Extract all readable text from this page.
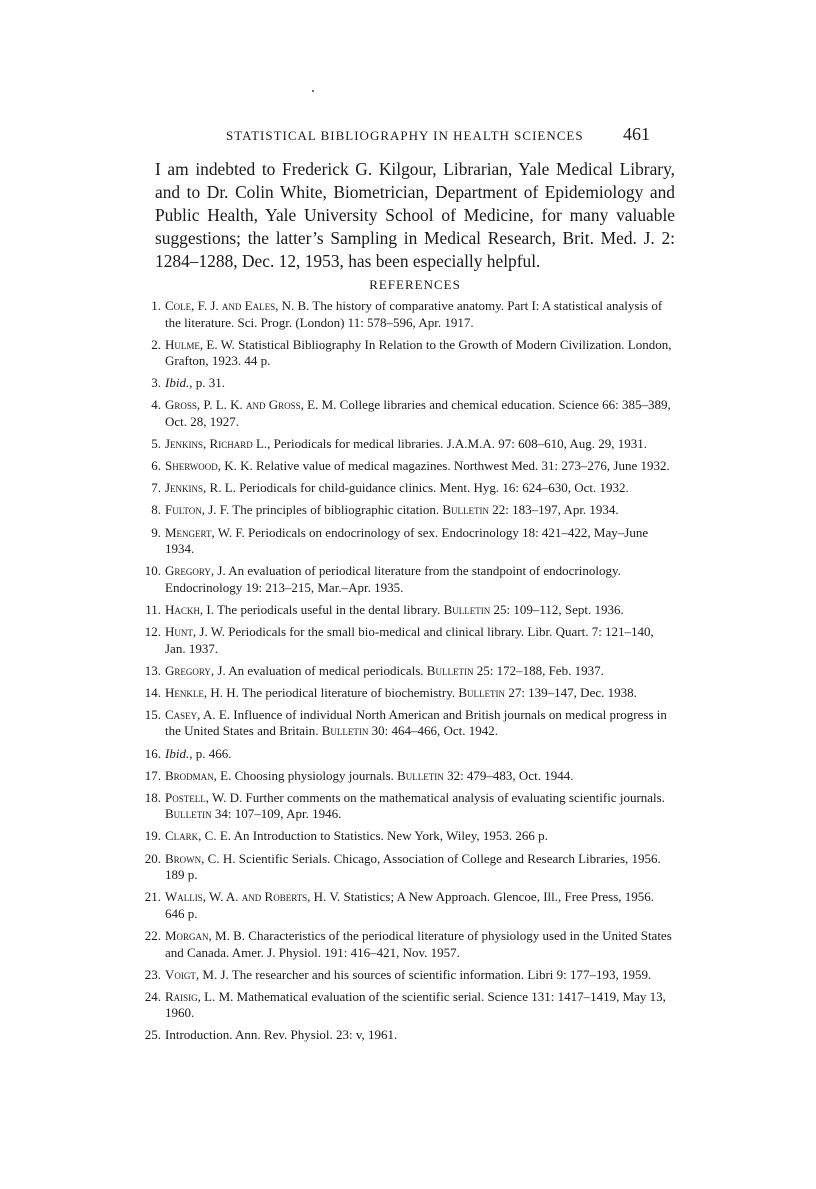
STATISTICAL BIBLIOGRAPHY IN HEALTH SCIENCES 461

I am indebted to Frederick G. Kilgour, Librarian, Yale Medical Library, and to Dr. Colin White, Biometrician, Department of Epidemiology and Public Health, Yale University School of Medicine, for many valuable suggestions; the latter’s Sampling in Medical Research, Brit. Med. J. 2: 1284–1288, Dec. 12, 1953, has been especially helpful.

REFERENCES
1. Cole, F. J. and Eales, N. B. The history of comparative anatomy. Part I: A statistical analysis of the literature. Sci. Progr. (London) 11: 578–596, Apr. 1917.
2. Hulme, E. W. Statistical Bibliography In Relation to the Growth of Modern Civilization. London, Grafton, 1923. 44 p.
3. Ibid., p. 31.
4. Gross, P. L. K. and Gross, E. M. College libraries and chemical education. Science 66: 385–389, Oct. 28, 1927.
5. Jenkins, Richard L., Periodicals for medical libraries. J.A.M.A. 97: 608–610, Aug. 29, 1931.
6. Sherwood, K. K. Relative value of medical magazines. Northwest Med. 31: 273–276, June 1932.
7. Jenkins, R. L. Periodicals for child-guidance clinics. Ment. Hyg. 16: 624–630, Oct. 1932.
8. Fulton, J. F. The principles of bibliographic citation. Bulletin 22: 183–197, Apr. 1934.
9. Mengert, W. F. Periodicals on endocrinology of sex. Endocrinology 18: 421–422, May–June 1934.
10. Gregory, J. An evaluation of periodical literature from the standpoint of endocrinology. Endocrinology 19: 213–215, Mar.–Apr. 1935.
11. Hackh, I. The periodicals useful in the dental library. Bulletin 25: 109–112, Sept. 1936.
12. Hunt, J. W. Periodicals for the small bio-medical and clinical library. Libr. Quart. 7: 121–140, Jan. 1937.
13. Gregory, J. An evaluation of medical periodicals. Bulletin 25: 172–188, Feb. 1937.
14. Henkle, H. H. The periodical literature of biochemistry. Bulletin 27: 139–147, Dec. 1938.
15. Casey, A. E. Influence of individual North American and British journals on medical progress in the United States and Britain. Bulletin 30: 464–466, Oct. 1942.
16. Ibid., p. 466.
17. Brodman, E. Choosing physiology journals. Bulletin 32: 479–483, Oct. 1944.
18. Postell, W. D. Further comments on the mathematical analysis of evaluating scientific journals. Bulletin 34: 107–109, Apr. 1946.
19. Clark, C. E. An Introduction to Statistics. New York, Wiley, 1953. 266 p.
20. Brown, C. H. Scientific Serials. Chicago, Association of College and Research Libraries, 1956. 189 p.
21. Wallis, W. A. and Roberts, H. V. Statistics; A New Approach. Glencoe, Ill., Free Press, 1956. 646 p.
22. Morgan, M. B. Characteristics of the periodical literature of physiology used in the United States and Canada. Amer. J. Physiol. 191: 416–421, Nov. 1957.
23. Voigt, M. J. The researcher and his sources of scientific information. Libri 9: 177–193, 1959.
24. Raisig, L. M. Mathematical evaluation of the scientific serial. Science 131: 1417–1419, May 13, 1960.
25. Introduction. Ann. Rev. Physiol. 23: v, 1961.
